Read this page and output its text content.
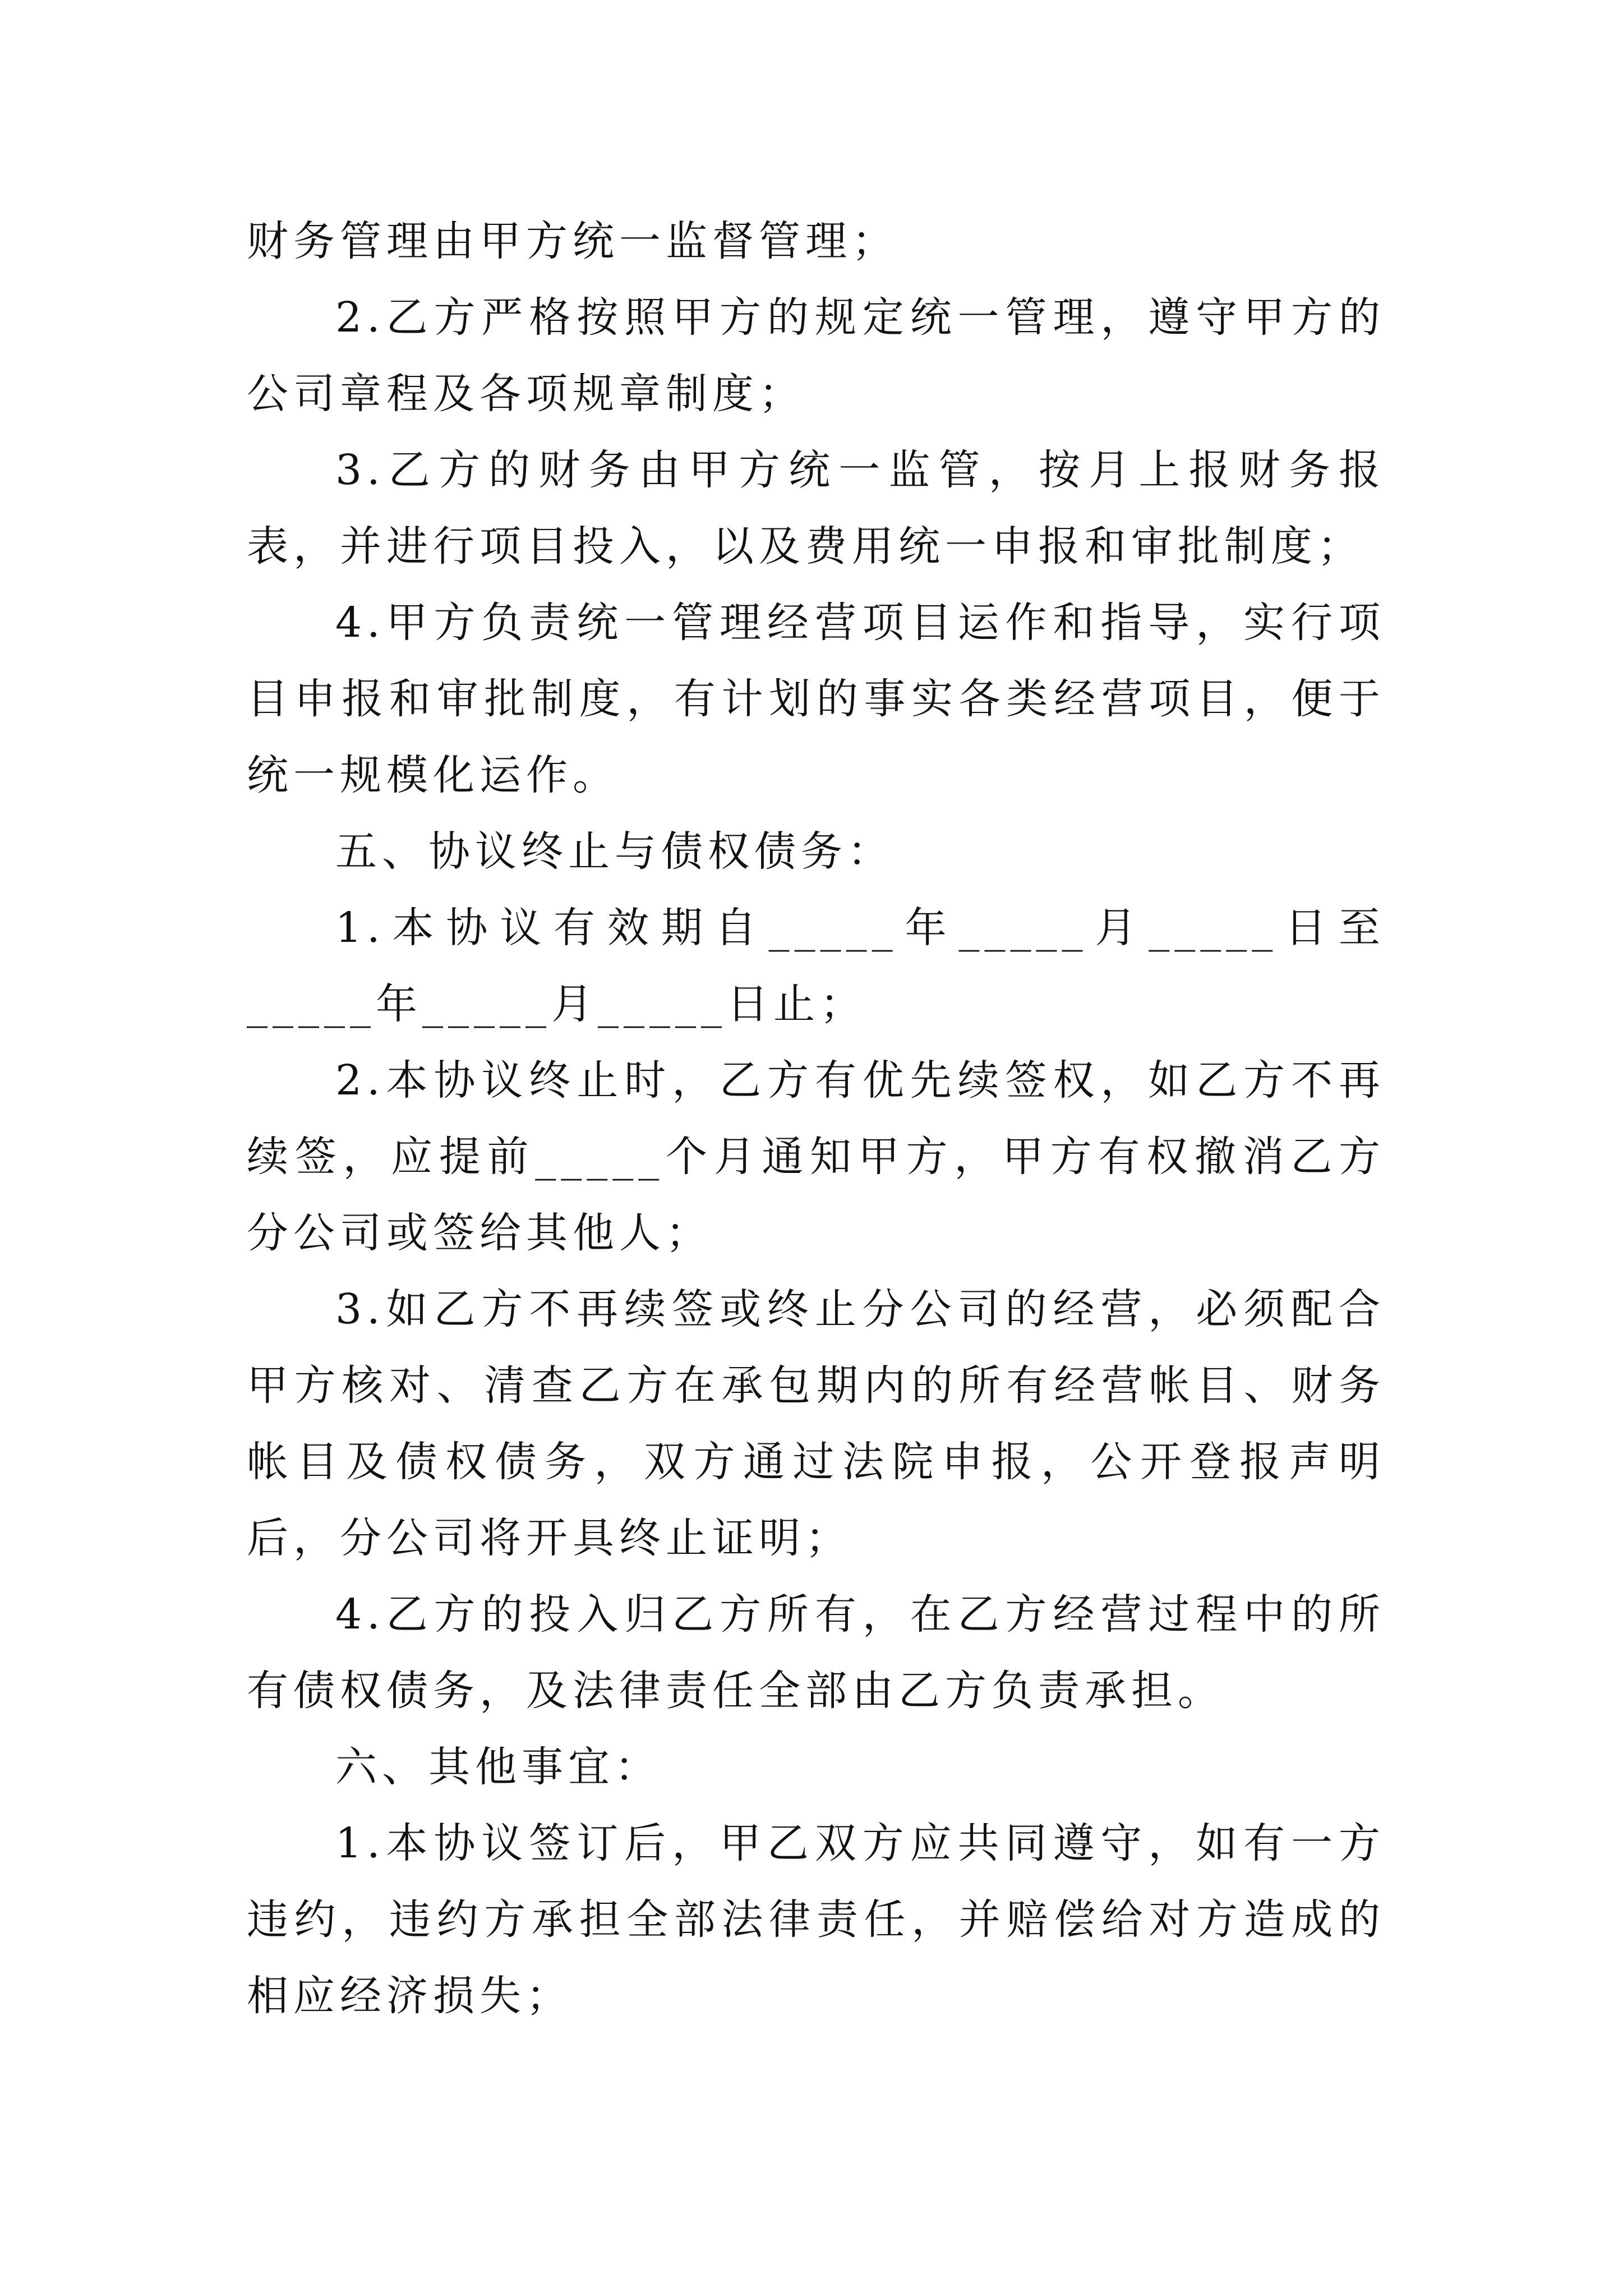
财务管理由甲方统一监督管理；

2.乙方严格按照甲方的规定统一管理，遵守甲方的公司章程及各项规章制度；

3.乙方的财务由甲方统一监管，按月上报财务报表，并进行项目投入，以及费用统一申报和审批制度；

4.甲方负责统一管理经营项目运作和指导，实行项目申报和审批制度，有计划的事实各类经营项目，便于统一规模化运作。

五、协议终止与债权债务：

1.本协议有效期自_____年_____月_____日至_____年_____月_____日止；

2.本协议终止时，乙方有优先续签权，如乙方不再续签，应提前_____个月通知甲方，甲方有权撤消乙方分公司或签给其他人；

3.如乙方不再续签或终止分公司的经营，必须配合甲方核对、清查乙方在承包期内的所有经营帐目、财务帐目及债权债务，双方通过法院申报，公开登报声明后，分公司将开具终止证明；

4.乙方的投入归乙方所有，在乙方经营过程中的所有债权债务，及法律责任全部由乙方负责承担。

六、其他事宜：

1.本协议签订后，甲乙双方应共同遵守，如有一方违约，违约方承担全部法律责任，并赔偿给对方造成的相应经济损失；
